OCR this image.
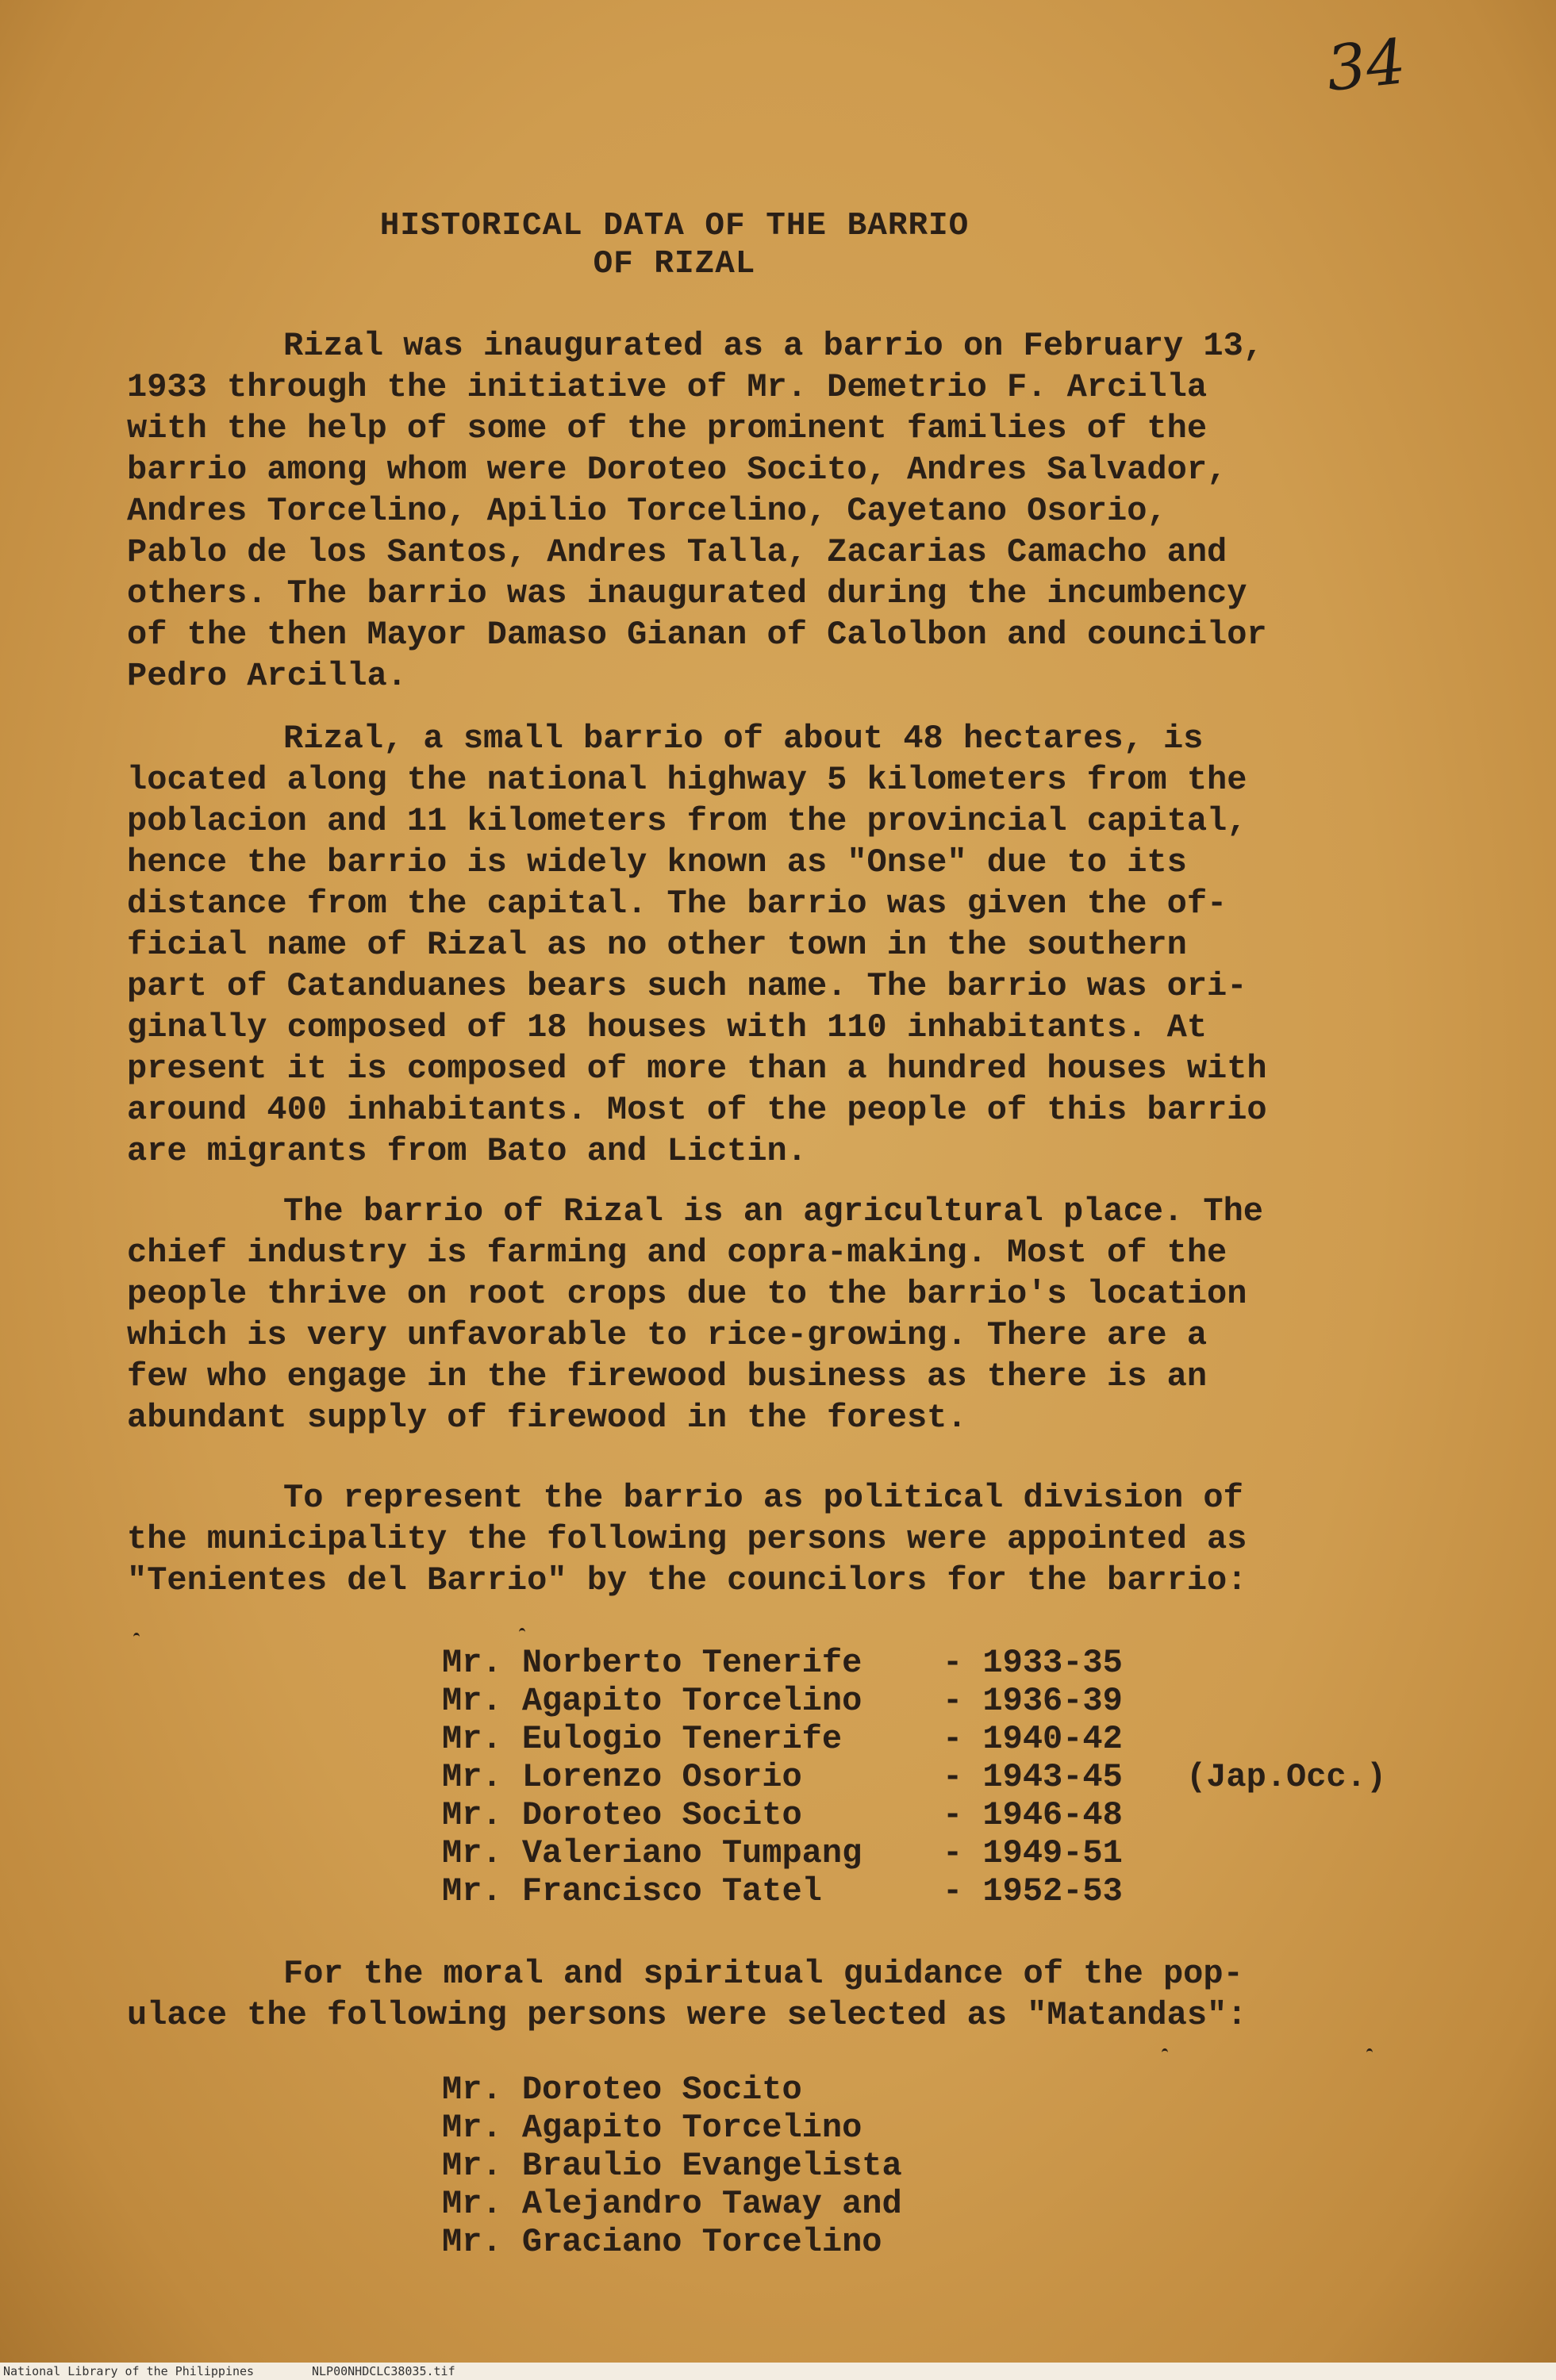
34
HISTORICAL DATA OF THE BARRIO
OF RIZAL
Rizal was inaugurated as a barrio on February 13,
1933 through the initiative of Mr. Demetrio F. Arcilla
with the help of some of the prominent families of the
barrio among whom were Doroteo Socito, Andres Salvador,
Andres Torcelino, Apilio Torcelino, Cayetano Osorio,
Pablo de los Santos, Andres Talla, Zacarias Camacho and
others. The barrio was inaugurated during the incumbency
of the then Mayor Damaso Gianan of Calolbon and councilor
Pedro Arcilla.
Rizal, a small barrio of about 48 hectares, is
located along the national highway 5 kilometers from the
poblacion and 11 kilometers from the provincial capital,
hence the barrio is widely known as "Onse" due to its
distance from the capital. The barrio was given the of-
ficial name of Rizal as no other town in the southern
part of Catanduanes bears such name. The barrio was ori-
ginally composed of 18 houses with 110 inhabitants. At
present it is composed of more than a hundred houses with
around 400 inhabitants. Most of the people of this barrio
are migrants from Bato and Lictin.
The barrio of Rizal is an agricultural place. The
chief industry is farming and copra-making. Most of the
people thrive on root crops due to the barrio's location
which is very unfavorable to rice-growing. There are a
few who engage in the firewood business as there is an
abundant supply of firewood in the forest.
To represent the barrio as political division of
the municipality the following persons were appointed as
"Tenientes del Barrio" by the councilors for the barrio:
Mr. Norberto Tenerife - 1933-35
Mr. Agapito Torcelino - 1936-39
Mr. Eulogio Tenerife	- 1940-42
Mr. Lorenzo Osorio	- 1943-45 (Jap.Occ.)
Mr. Doroteo Socito	- 1946-48
Mr. Valeriano Tumpang - 1949-51
Mr. Francisco Tatel	- 1952-53
For the moral and spiritual guidance of the pop-
ulace the following persons were selected as "Matandas":
Mr. Doroteo Socito
Mr. Agapito Torcelino
Mr. Braulio Evangelista
Mr. Alejandro Taway and
Mr. Graciano Torcelino
National Library of the Philippines	NLP00NHDCLC38035.tif
